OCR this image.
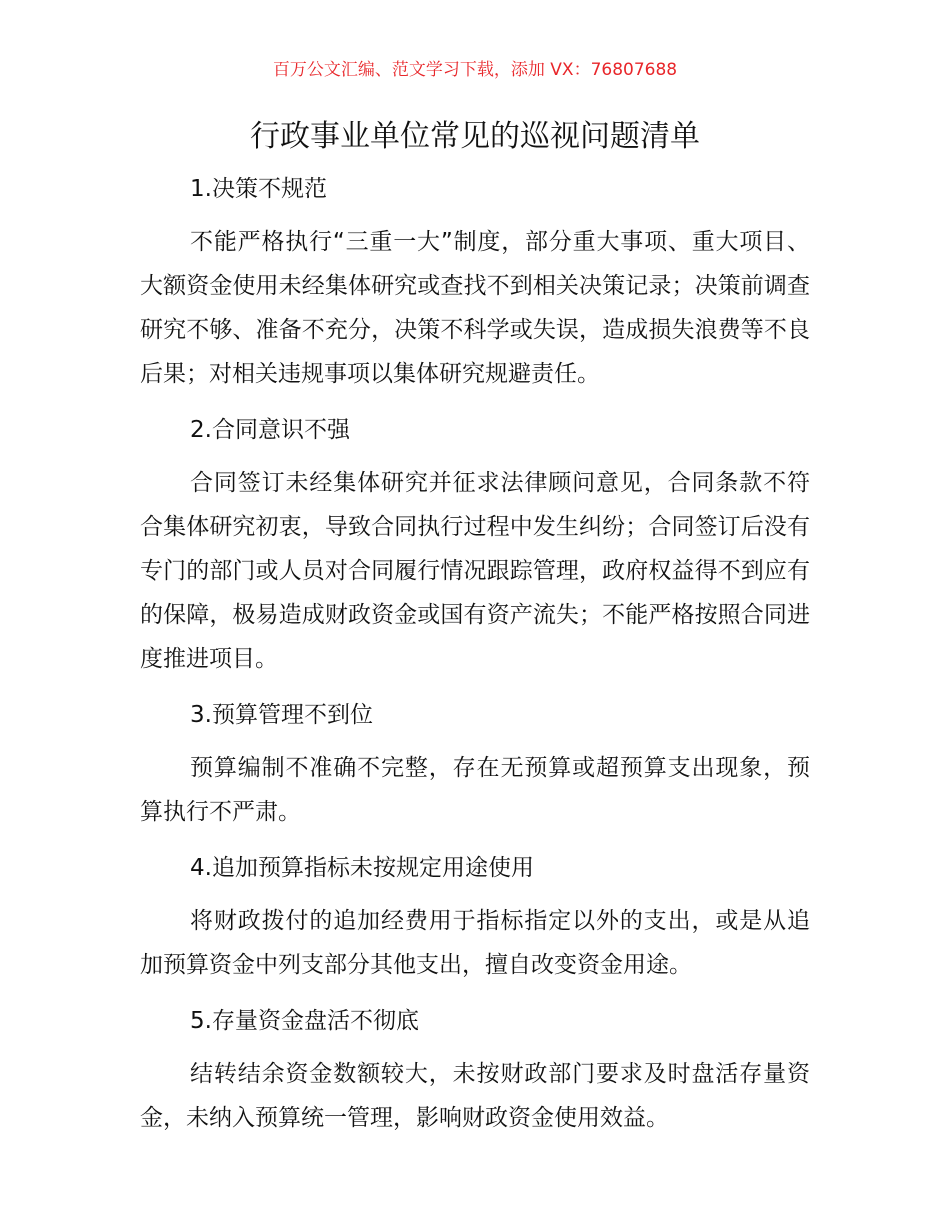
百万公文汇编、范文学习下载，添加 VX：76807688
行政事业单位常见的巡视问题清单

1.决策不规范

不能严格执行“三重一大”制度，部分重大事项、重大项目、大额资金使用未经集体研究或查找不到相关决策记录；决策前调查研究不够、准备不充分，决策不科学或失误，造成损失浪费等不良后果；对相关违规事项以集体研究规避责任。

2.合同意识不强

合同签订未经集体研究并征求法律顾问意见，合同条款不符合集体研究初衷，导致合同执行过程中发生纠纷；合同签订后没有专门的部门或人员对合同履行情况跟踪管理，政府权益得不到应有的保障，极易造成财政资金或国有资产流失；不能严格按照合同进度推进项目。

3.预算管理不到位

预算编制不准确不完整，存在无预算或超预算支出现象，预算执行不严肃。

4.追加预算指标未按规定用途使用

将财政拨付的追加经费用于指标指定以外的支出，或是从追加预算资金中列支部分其他支出，擅自改变资金用途。

5.存量资金盘活不彻底

结转结余资金数额较大，未按财政部门要求及时盘活存量资金，未纳入预算统一管理，影响财政资金使用效益。
